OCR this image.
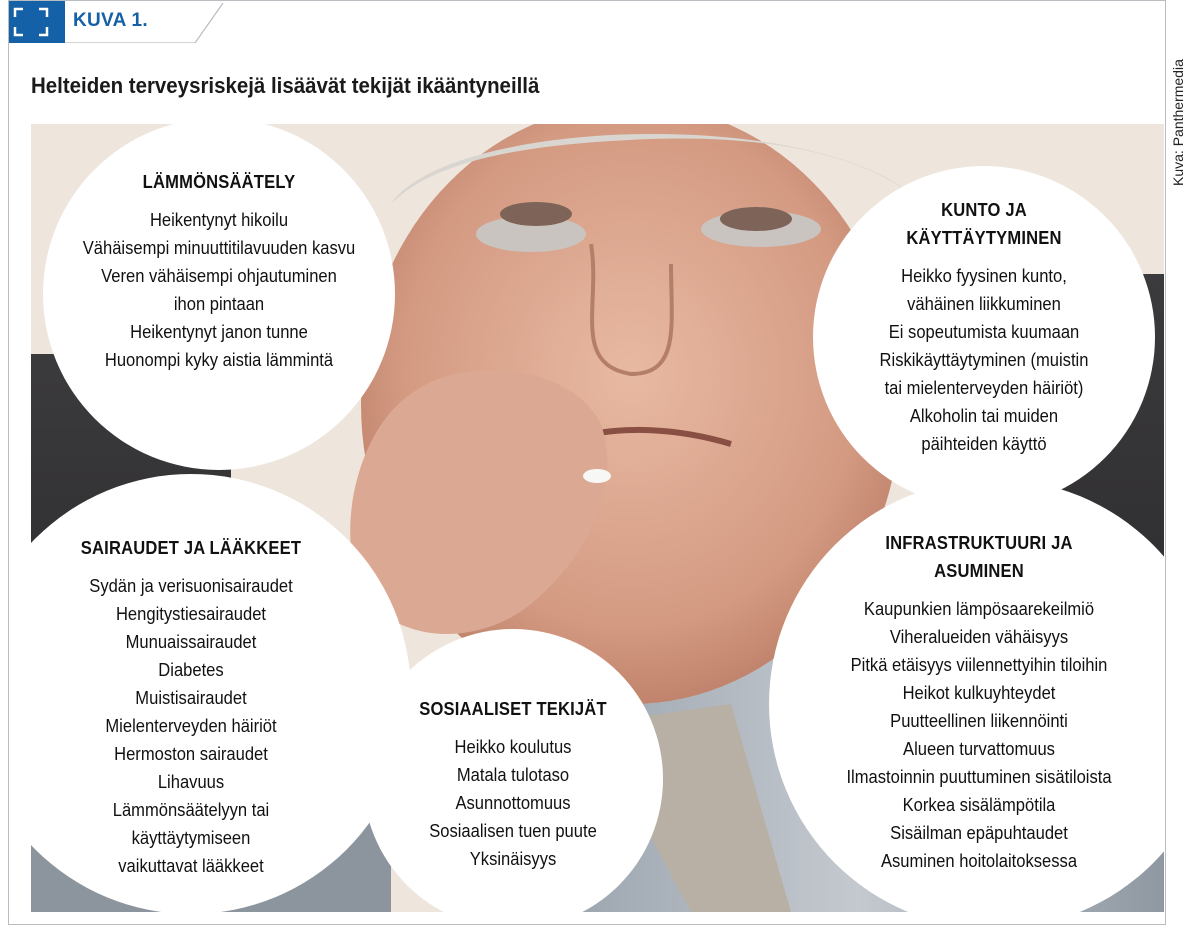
KUVA 1.
Helteiden terveysriskejä lisäävät tekijät ikääntyneillä
LÄMMÖNSÄÄTELY
Heikentynyt hikoilu
Vähäisempi minuuttitilavuuden kasvu
Veren vähäisempi ohjautuminen
ihon pintaan
Heikentynyt janon tunne
Huonompi kyky aistia lämmintä
KUNTO JA
KÄYTTÄYTYMINEN
Heikko fyysinen kunto,
vähäinen liikkuminen
Ei sopeutumista kuumaan
Riskikäyttäytyminen (muistin
tai mielenterveyden häiriöt)
Alkoholin tai muiden
päihteiden käyttö
SAIRAUDET JA LÄÄKKEET
Sydän ja verisuonisairaudet
Hengitystiesairaudet
Munuaissairaudet
Diabetes
Muistisairaudet
Mielenterveyden häiriöt
Hermoston sairaudet
Lihavuus
Lämmönsäätelyyn tai
käyttäytymiseen
vaikuttavat lääkkeet
SOSIAALISET TEKIJÄT
Heikko koulutus
Matala tulotaso
Asunnottomuus
Sosiaalisen tuen puute
Yksinäisyys
INFRASTRUKTUURI JA
ASUMINEN
Kaupunkien lämpösaarekeilmiö
Viheralueiden vähäisyys
Pitkä etäisyys viilennettyihin tiloihin
Heikot kulkuyhteydet
Puutteellinen liikennöinti
Alueen turvattomuus
Ilmastoinnin puuttuminen sisätiloista
Korkea sisälämpötila
Sisäilman epäpuhtaudet
Asuminen hoitolaitoksessa
Kuva: Panthermedia
